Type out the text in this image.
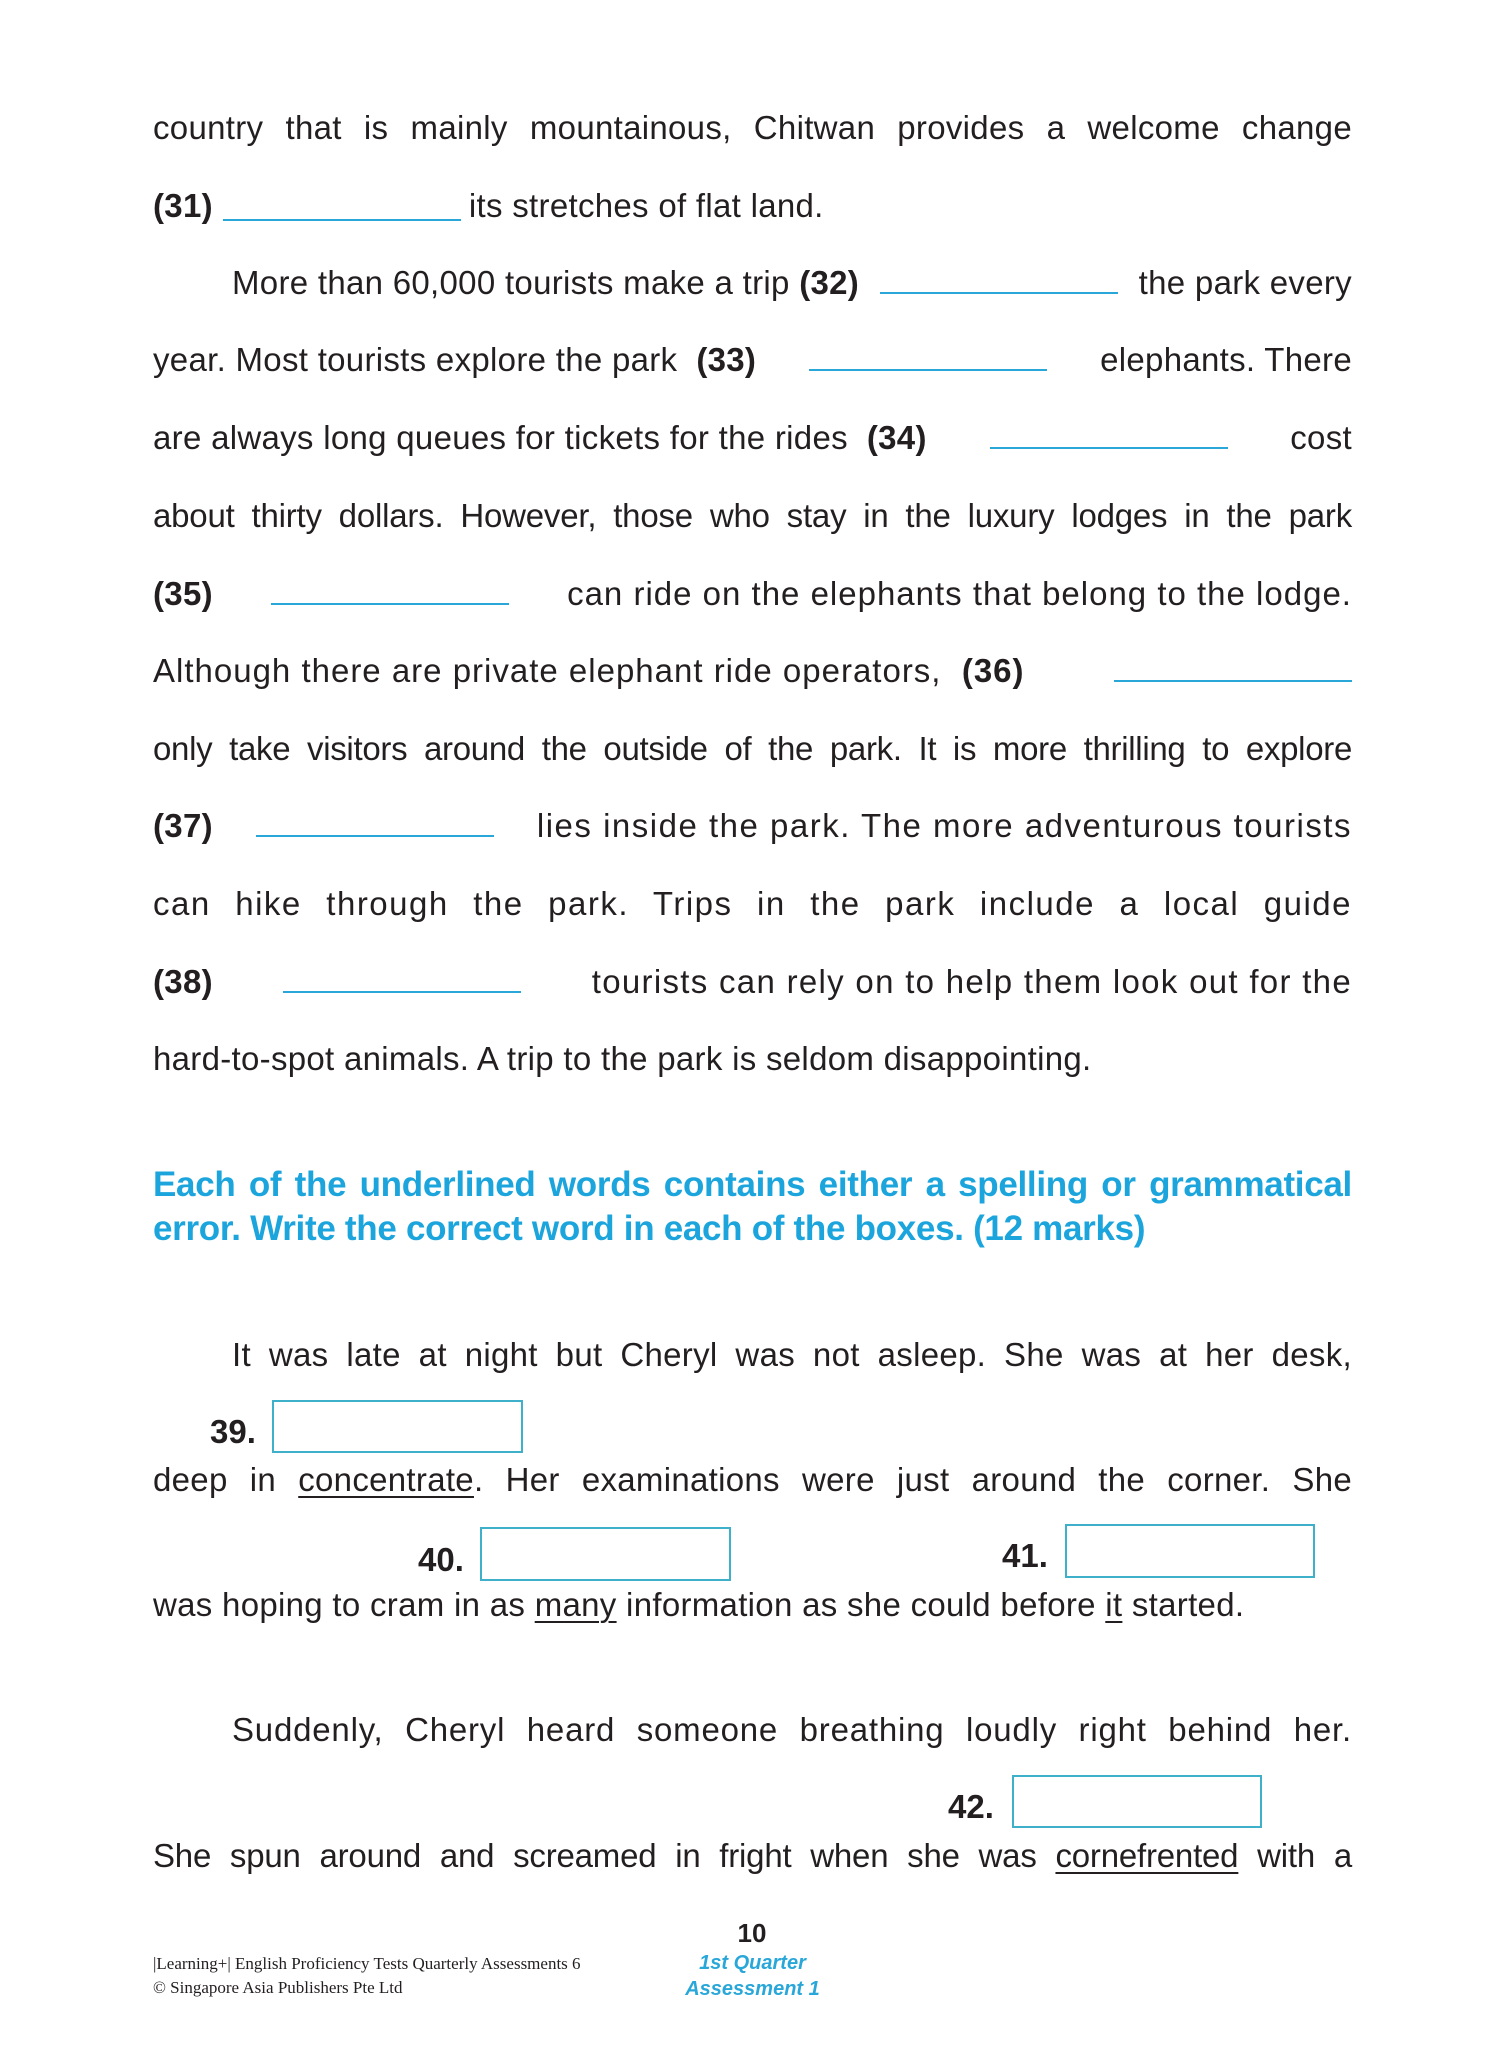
country that is mainly mountainous, Chitwan provides a welcome change
(31)	its stretches of flat land.
More than 60,000 tourists make a trip (32)	the park every
year. Most tourists explore the park (33)	elephants. There
are always long queues for tickets for the rides (34)	cost
about thirty dollars. However, those who stay in the luxury lodges in the park
(35)	can ride on the elephants that belong to the lodge.
Although there are private elephant ride operators, (36)
only take visitors around the outside of the park. It is more thrilling to explore
(37)	lies inside the park. The more adventurous tourists
can hike through the park. Trips in the park include a local guide
(38)	tourists can rely on to help them look out for the
hard-to-spot animals. A trip to the park is seldom disappointing.
Each of the underlined words contains either a spelling or grammatical
error. Write the correct word in each of the boxes. (12 marks)
It was late at night but Cheryl was not asleep. She was at her desk,
39.
deep in concentrate. Her examinations were just around the corner. She
40.	41.
was hoping to cram in as many information as she could before it started.
Suddenly, Cheryl heard someone breathing loudly right behind her.
42.
She spun around and screamed in fright when she was cornefrented with a
|Learning+| English Proficiency Tests Quarterly Assessments 6
© Singapore Asia Publishers Pte Ltd
10
1st Quarter
Assessment 1
